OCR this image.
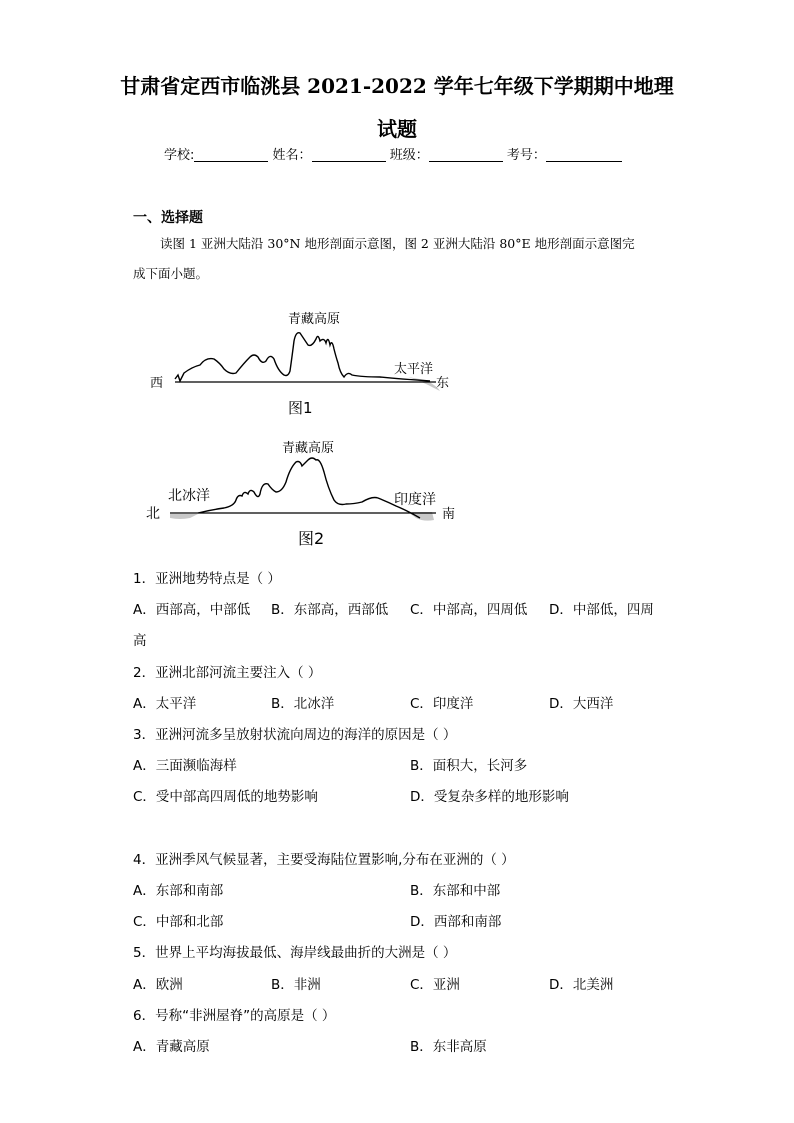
甘肃省定西市临洮县 2021-2022 学年七年级下学期期中地理
试题
学校:	姓名：	班级：	考号：
一、选择题
读图 1 亚洲大陆沿 30°N 地形剖面示意图，图 2 亚洲大陆沿 80°E 地形剖面示意图完
成下面小题。
青藏高原
西	东
太平洋
图1
青藏高原
北	南
北冰洋	印度洋
图2
1．亚洲地势特点是（ ）
A．西部高，中部低 B．东部高，西部低 C．中部高，四周低 D．中部低，四周
高
2．亚洲北部河流主要注入（ ）
A．太平洋	B．北冰洋	C．印度洋	D．大西洋
3．亚洲河流多呈放射状流向周边的海洋的原因是（ ）
A．三面濒临海样	B．面积大，长河多
C．受中部高四周低的地势影响	D．受复杂多样的地形影响
4．亚洲季风气候显著，主要受海陆位置影响,分布在亚洲的（ ）
A．东部和南部	B．东部和中部
C．中部和北部	D．西部和南部
5．世界上平均海拔最低、海岸线最曲折的大洲是（ ）
A．欧洲	B．非洲	C．亚洲	D．北美洲
6．号称“非洲屋脊”的高原是（ ）
A．青藏高原	B．东非高原
